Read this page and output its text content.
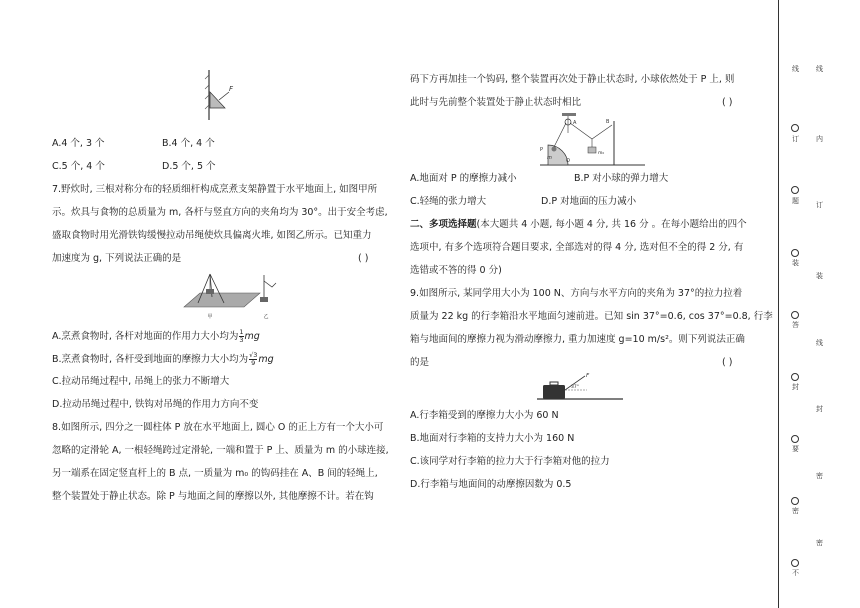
F
A.4 个, 3 个	B.4 个, 4 个
C.5 个, 4 个	D.5 个, 5 个
7.野炊时, 三根对称分布的轻质细杆构成烹煮支架静置于水平地面上, 如图甲所
示。炊具与食物的总质量为 m, 各杆与竖直方向的夹角均为 30°。出于安全考虑,
盛取食物时用光滑铁钩缓慢拉动吊绳使炊具偏离火堆, 如图乙所示。已知重力
加速度为 g, 下列说法正确的是	( )
甲	乙
A.烹煮食物时, 各杆对地面的作用力大小均为 $\frac{1}{3}$ mg
B.烹煮食物时, 各杆受到地面的摩擦力大小均为 $\frac{√3}{9}$ mg
C.拉动吊绳过程中, 吊绳上的张力不断增大
D.拉动吊绳过程中, 铁钩对吊绳的作用力方向不变
8.如图所示, 四分之一圆柱体 P 放在水平地面上, 圆心 O 的正上方有一个大小可
忽略的定滑轮 A, 一根轻绳跨过定滑轮, 一端和置于 P 上、质量为 m 的小球连接,
另一端系在固定竖直杆上的 B 点, 一质量为 m₀ 的钩码挂在 A、B 间的轻绳上,
整个装置处于静止状态。除 P 与地面之间的摩擦以外, 其他摩擦不计。若在钩
码下方再加挂一个钩码, 整个装置再次处于静止状态时, 小球依然处于 P 上, 则
此时与先前整个装置处于静止状态时相比	( )
P
O
A
m
m₀
B
A.地面对 P 的摩擦力减小	B.P 对小球的弹力增大
C.轻绳的张力增大	D.P 对地面的压力减小
二、多项选择题(本大题共 4 小题, 每小题 4 分, 共 16 分 。在每小题给出的四个
选项中, 有多个选项符合题目要求, 全部选对的得 4 分, 选对但不全的得 2 分, 有
选错或不答的得 0 分)
9.如图所示, 某同学用大小为 100 N、方向与水平方向的夹角为 37°的拉力拉着
质量为 22 kg 的行李箱沿水平地面匀速前进。已知 sin 37°=0.6, cos 37°=0.8, 行李
箱与地面间的摩擦力视为滑动摩擦力, 重力加速度 g=10 m/s²。则下列说法正确
的是	( )
F
37°
A.行李箱受到的摩擦力大小为 60 N
B.地面对行李箱的支持力大小为 160 N
C.该同学对行李箱的拉力大于行李箱对他的拉力
D.行李箱与地面间的动摩擦因数为 0.5
线
订
题
装
答
封
要
密
不
线
内
订
装
线
封
密
密
